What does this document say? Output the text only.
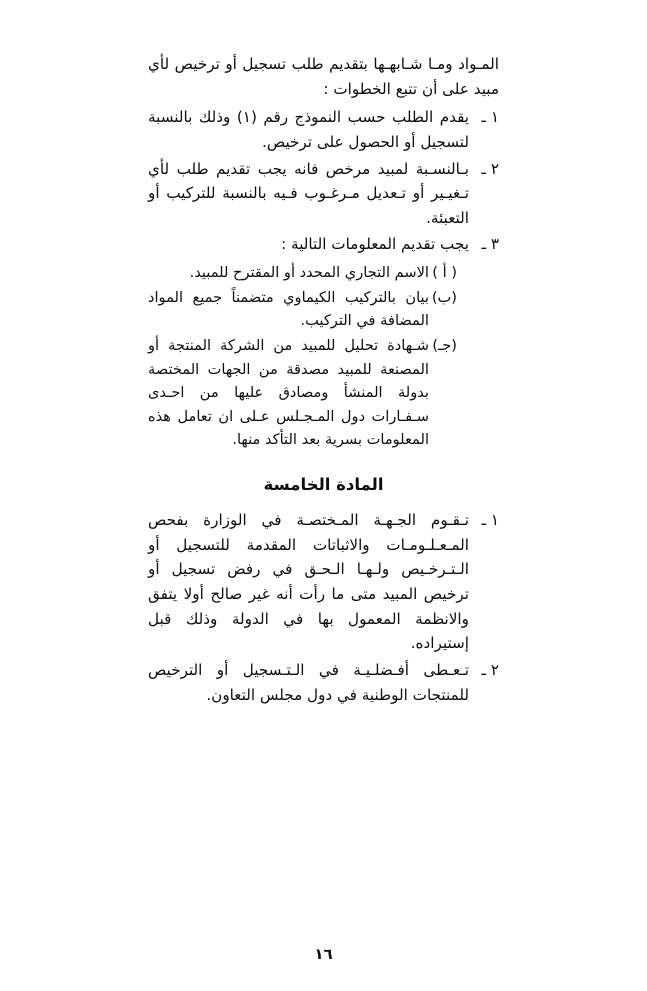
المـواد ومـا شـابهـها بتقديم طلب تسجيل أو ترخيص لأي مبيد على أن تتبع الخطوات :

١ ـ
يقدم الطلب حسب النموذج رقم (١) وذلك بالنسبة لتسجيل أو الحصول على ترخيص.
٢ ـ
بـالنسـبة لمبيد مرخص فانه يجب تقديم طلب لأي تـغيـير أو تـعديل مـرغـوب فـيه بالنسبة للتركيب أو التعبئة.
٣ ـ
يجب تقديم المعلومات التالية :
( أ )
الاسم التجاري المحدد أو المقترح للمبيد.
(ب)
بيان بالتركيب الكيماوي متضمناً جميع المواد المضافة في التركيب.
(جـ)
شـهادة تحليل للمبيد من الشركة المنتجة أو المصنعة للمبيد مصدقة من الجهات المختصة بدولة المنشأ ومصادق عليها من احـدى سـفـارات دول المـجـلس عـلى ان تعامل هذه المعلومات بسرية بعد التأكد منها.
المادة الخامسة
١ ـ
تـقـوم الجـهـة المـختصـة في الوزارة بفحص المـعـلـومـات والاثباتات المقدمة للتسجيل أو الـتـرخـيص ولـهـا الـحـق في رفض تسجيل أو ترخيص المبيد متى ما رأت أنه غير صالح أولا يتفق والانظمة المعمول بها في الدولة وذلك قبل إستيراده.
٢ ـ
تـعـطى أفـضلـيـة في الـتـسجيل أو الترخيص للمنتجات الوطنية في دول مجلس التعاون.
١٦
